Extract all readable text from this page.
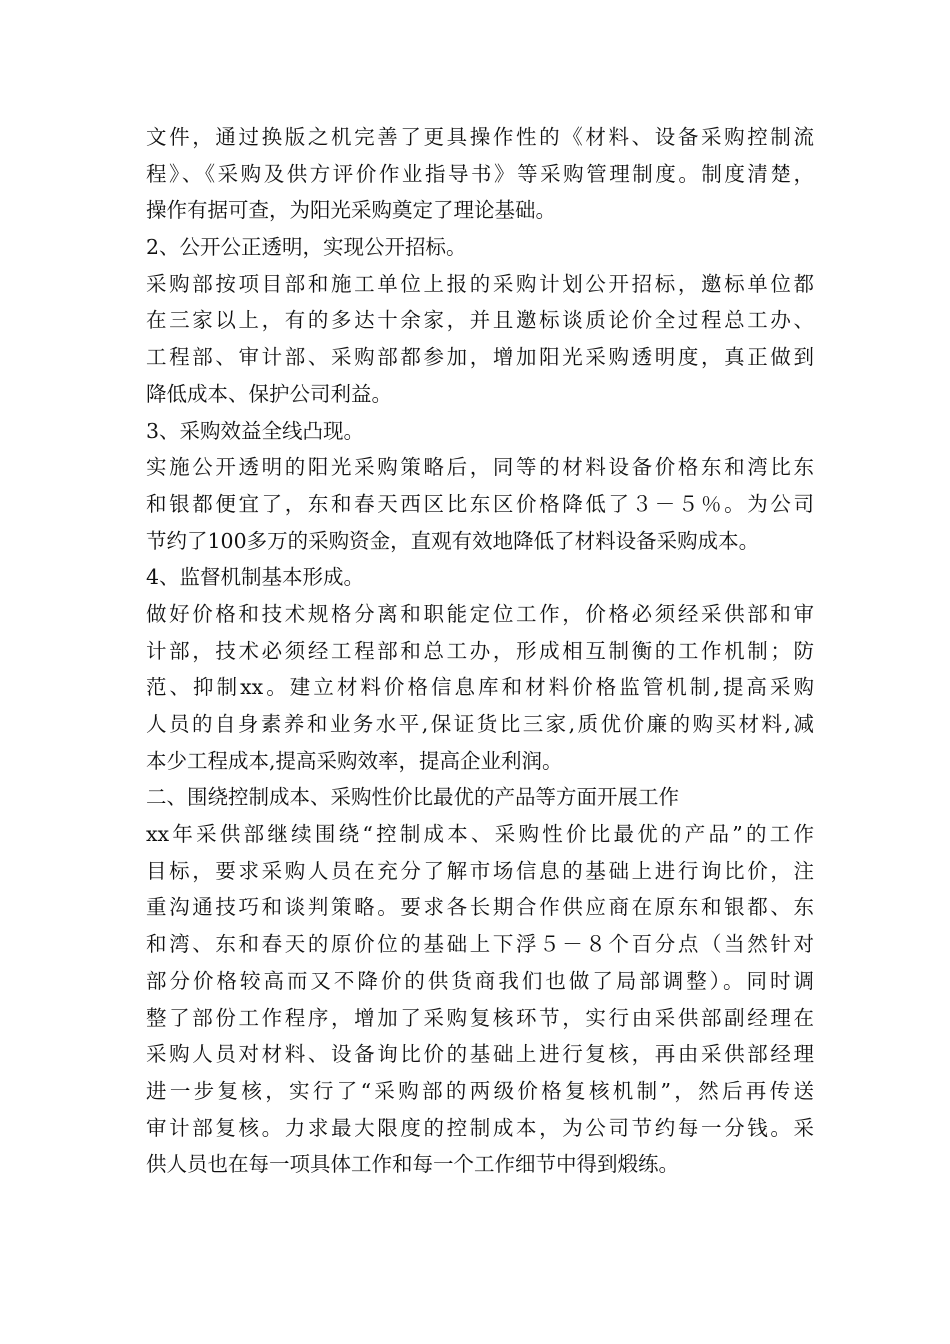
文件，通过换版之机完善了更具操作性的《材料、设备采购控制流
程》、《采购及供方评价作业指导书》等采购管理制度。制度清楚，
操作有据可查，为阳光采购奠定了理论基础。
2、公开公正透明，实现公开招标。
采购部按项目部和施工单位上报的采购计划公开招标，邀标单位都
在三家以上，有的多达十余家，并且邀标谈质论价全过程总工办、
工程部、审计部、采购部都参加，增加阳光采购透明度，真正做到
降低成本、保护公司利益。
3、采购效益全线凸现。
实施公开透明的阳光采购策略后，同等的材料设备价格东和湾比东
和银都便宜了，东和春天西区比东区价格降低了３－５％。为公司
节约了100多万的采购资金，直观有效地降低了材料设备采购成本。
4、监督机制基本形成。
做好价格和技术规格分离和职能定位工作，价格必须经采供部和审
计部，技术必须经工程部和总工办，形成相互制衡的工作机制；防
范、抑制xx。建立材料价格信息库和材料价格监管机制,提高采购
人员的自身素养和业务水平,保证货比三家,质优价廉的购买材料,减
本少工程成本,提高采购效率，提高企业利润。
二、围绕控制成本、采购性价比最优的产品等方面开展工作
xx年采供部继续围绕“控制成本、采购性价比最优的产品”的工作
目标，要求采购人员在充分了解市场信息的基础上进行询比价，注
重沟通技巧和谈判策略。要求各长期合作供应商在原东和银都、东
和湾、东和春天的原价位的基础上下浮５－８个百分点（当然针对
部分价格较高而又不降价的供货商我们也做了局部调整）。同时调
整了部份工作程序，增加了采购复核环节，实行由采供部副经理在
采购人员对材料、设备询比价的基础上进行复核，再由采供部经理
进一步复核，实行了“采购部的两级价格复核机制”，然后再传送
审计部复核。力求最大限度的控制成本，为公司节约每一分钱。采
供人员也在每一项具体工作和每一个工作细节中得到煅练。
